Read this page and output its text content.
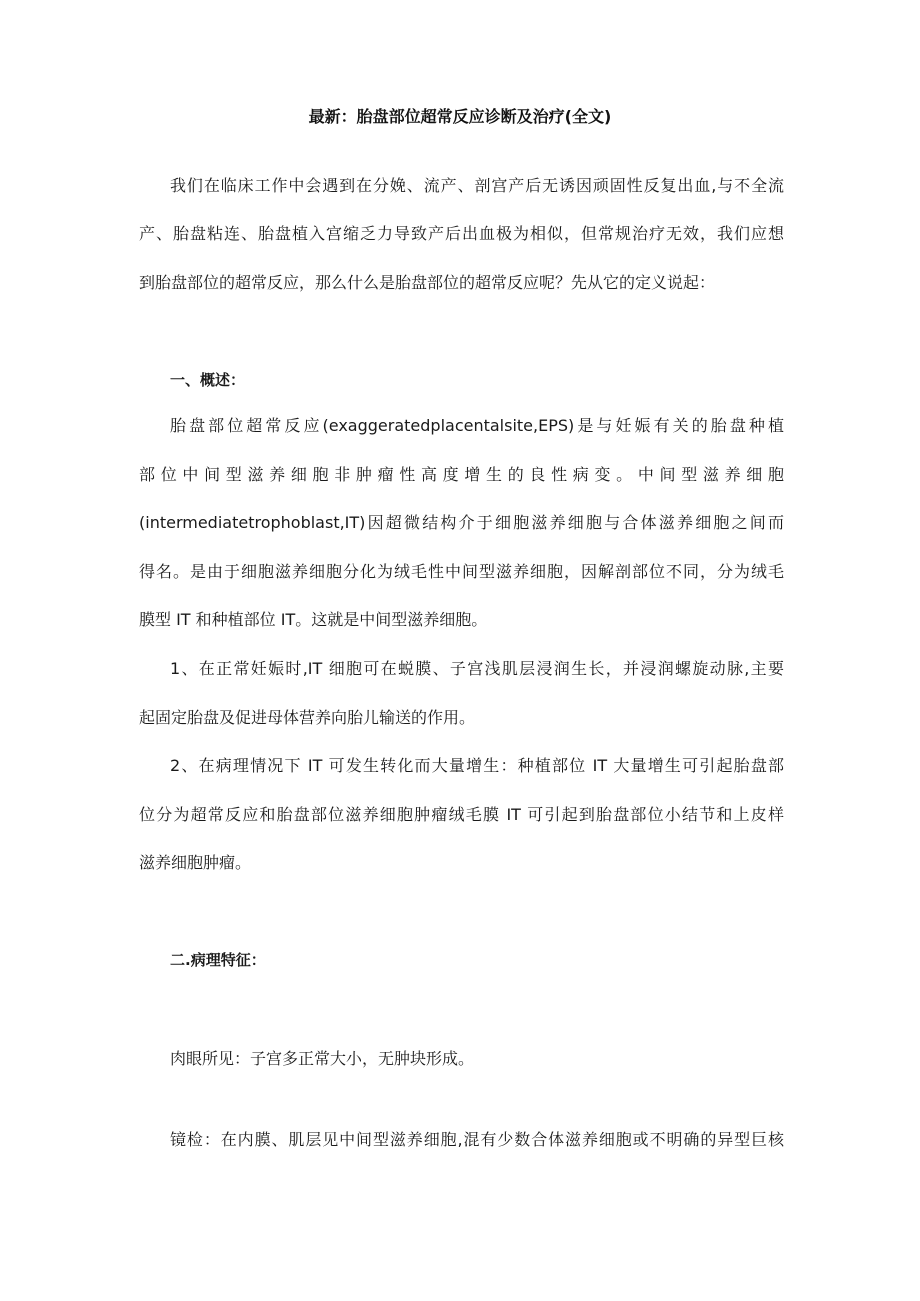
最新：胎盘部位超常反应诊断及治疗(全文)
我们在临床工作中会遇到在分娩、流产、剖宫产后无诱因顽固性反复出血,与不全流
产、胎盘粘连、胎盘植入宫缩乏力导致产后出血极为相似，但常规治疗无效，我们应想
到胎盘部位的超常反应，那么什么是胎盘部位的超常反应呢？先从它的定义说起：
一、概述：
胎盘部位超常反应(exaggeratedplacentalsite,EPS)是与妊娠有关的胎盘种植
部位中间型滋养细胞非肿瘤性高度增生的良性病变。中间型滋养细胞
(intermediatetrophoblast,IT)因超微结构介于细胞滋养细胞与合体滋养细胞之间而
得名。是由于细胞滋养细胞分化为绒毛性中间型滋养细胞，因解剖部位不同，分为绒毛
膜型 IT 和种植部位 IT。这就是中间型滋养细胞。
1、在正常妊娠时,IT 细胞可在蜕膜、子宫浅肌层浸润生长，并浸润螺旋动脉,主要
起固定胎盘及促进母体营养向胎儿输送的作用。
2、在病理情况下 IT 可发生转化而大量增生：种植部位 IT 大量增生可引起胎盘部
位分为超常反应和胎盘部位滋养细胞肿瘤绒毛膜 IT 可引起到胎盘部位小结节和上皮样
滋养细胞肿瘤。
二.病理特征：
肉眼所见：子宫多正常大小，无肿块形成。
镜检：在内膜、肌层见中间型滋养细胞,混有少数合体滋养细胞或不明确的异型巨核
